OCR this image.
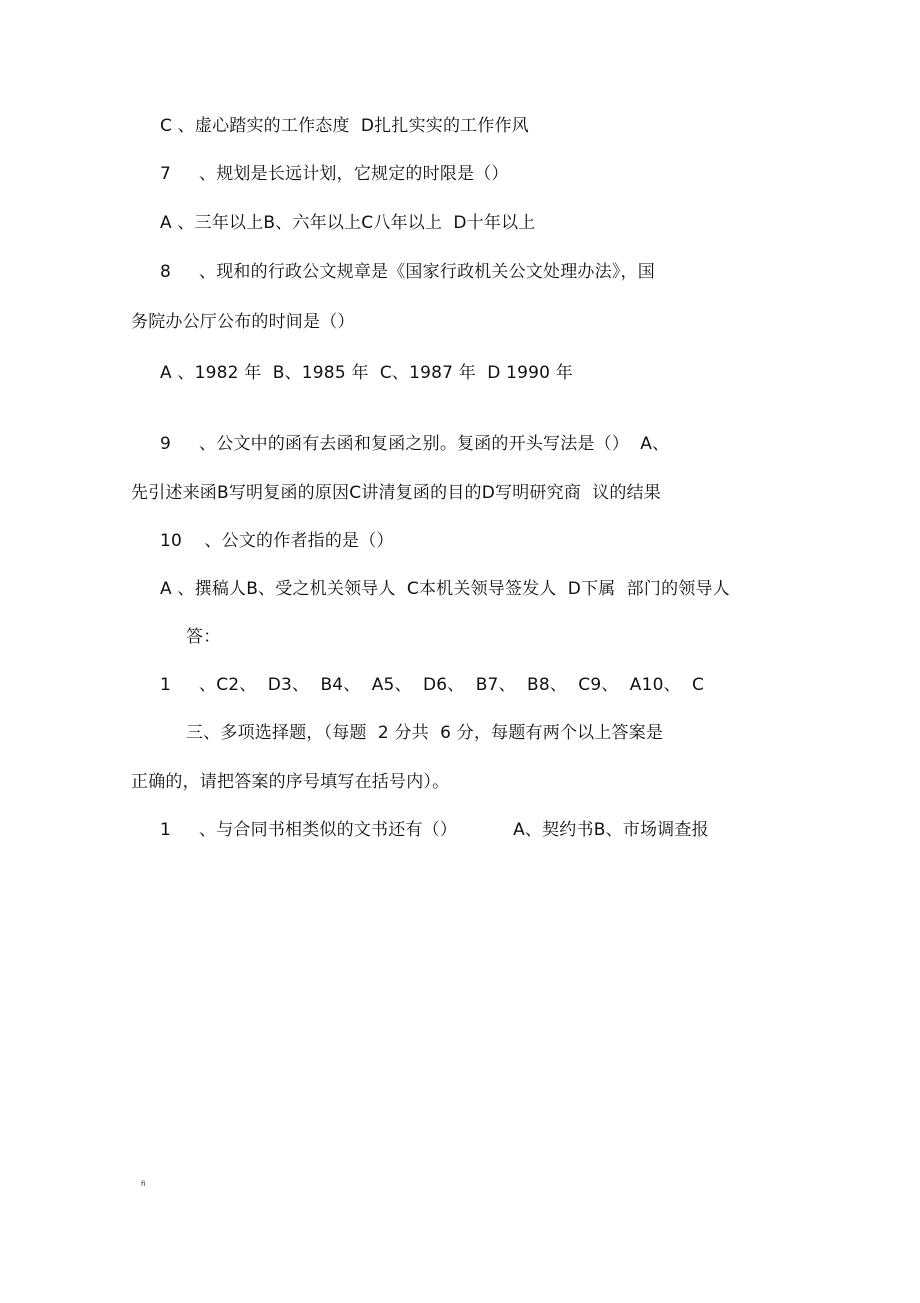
C 、虚心踏实的工作态度  D扎扎实实的工作作风
7     、规划是长远计划，它规定的时限是（）
A 、三年以上B、六年以上C八年以上  D十年以上
8     、现和的行政公文规章是《国家行政机关公文处理办法》，国
务院办公厅公布的时间是（）
A 、1982 年  B、1985 年  C、1987 年  D 1990 年
9     、公文中的函有去函和复函之别。复函的开头写法是（）  A、
先引述来函B写明复函的原因C讲清复函的目的D写明研究商  议的结果
10    、公文的作者指的是（）
A 、撰稿人B、受之机关领导人  C本机关领导签发人  D下属  部门的领导人
答：
1     、C2、  D3、  B4、  A5、  D6、  B7、  B8、  C9、  A10、  C
三、多项选择题，（每题  2 分共  6 分，每题有两个以上答案是
正确的，请把答案的序号填写在括号内）。
1     、与合同书相类似的文书还有（）          A、契约书B、市场调查报
fi
